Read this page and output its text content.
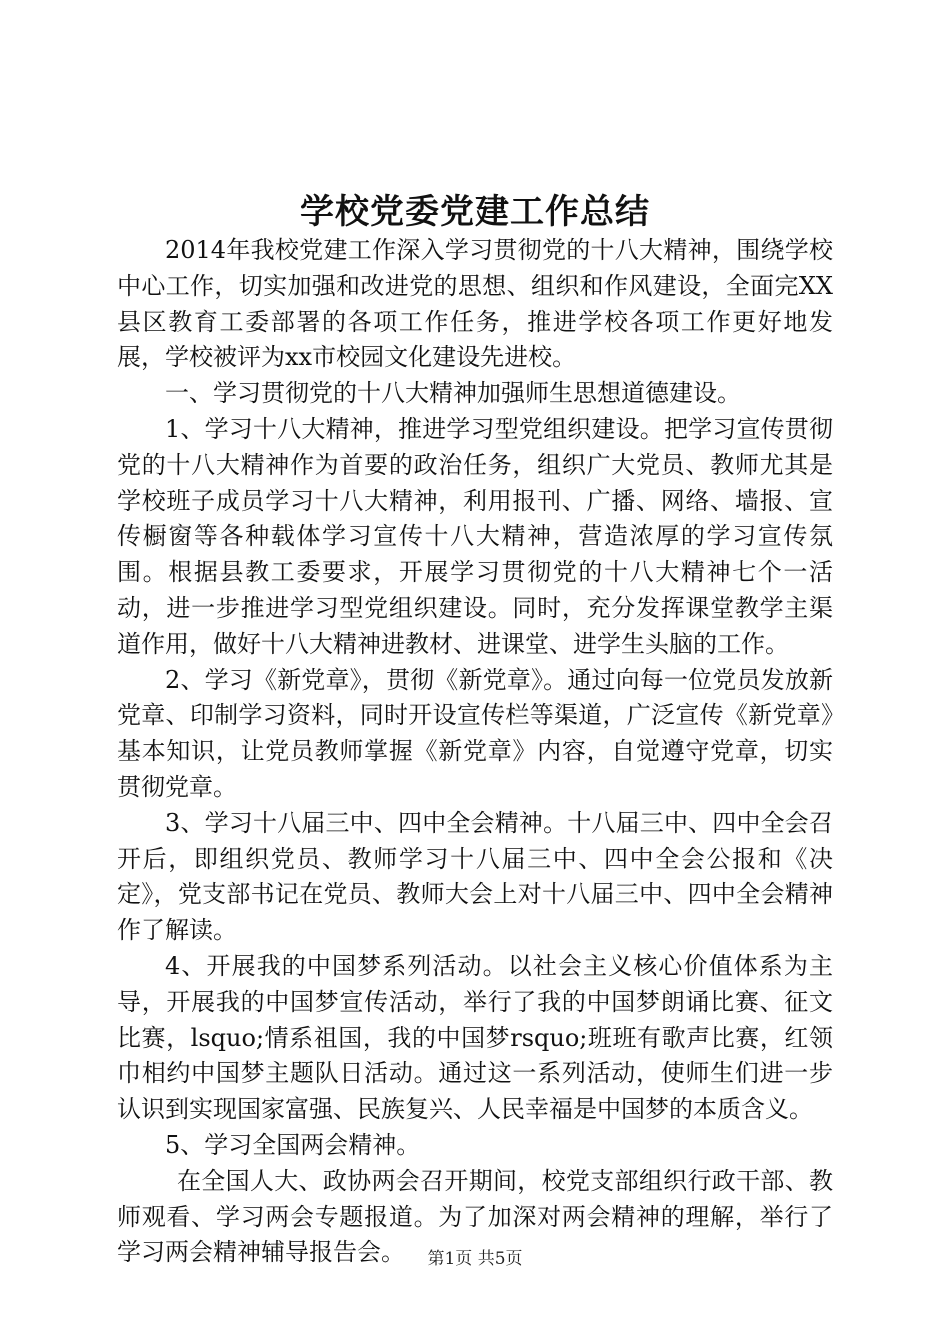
学校党委党建工作总结

2014年我校党建工作深入学习贯彻党的十八大精神，围绕学校中心工作，切实加强和改进党的思想、组织和作风建设，全面完XX县区教育工委部署的各项工作任务，推进学校各项工作更好地发展，学校被评为xx市校园文化建设先进校。

一、学习贯彻党的十八大精神加强师生思想道德建设。

1、学习十八大精神，推进学习型党组织建设。把学习宣传贯彻党的十八大精神作为首要的政治任务，组织广大党员、教师尤其是学校班子成员学习十八大精神，利用报刊、广播、网络、墙报、宣传橱窗等各种载体学习宣传十八大精神，营造浓厚的学习宣传氛围。根据县教工委要求，开展学习贯彻党的十八大精神七个一活动，进一步推进学习型党组织建设。同时，充分发挥课堂教学主渠道作用，做好十八大精神进教材、进课堂、进学生头脑的工作。

2、学习《新党章》，贯彻《新党章》。通过向每一位党员发放新党章、印制学习资料，同时开设宣传栏等渠道，广泛宣传《新党章》基本知识，让党员教师掌握《新党章》内容，自觉遵守党章，切实贯彻党章。

3、学习十八届三中、四中全会精神。十八届三中、四中全会召开后，即组织党员、教师学习十八届三中、四中全会公报和《决定》，党支部书记在党员、教师大会上对十八届三中、四中全会精神作了解读。

4、开展我的中国梦系列活动。以社会主义核心价值体系为主导，开展我的中国梦宣传活动，举行了我的中国梦朗诵比赛、征文比赛，lsquo;情系祖国，我的中国梦rsquo;班班有歌声比赛，红领巾相约中国梦主题队日活动。通过这一系列活动，使师生们进一步认识到实现国家富强、民族复兴、人民幸福是中国梦的本质含义。

5、学习全国两会精神。

在全国人大、政协两会召开期间，校党支部组织行政干部、教师观看、学习两会专题报道。为了加深对两会精神的理解，举行了学习两会精神辅导报告会。	第1页 共5页
